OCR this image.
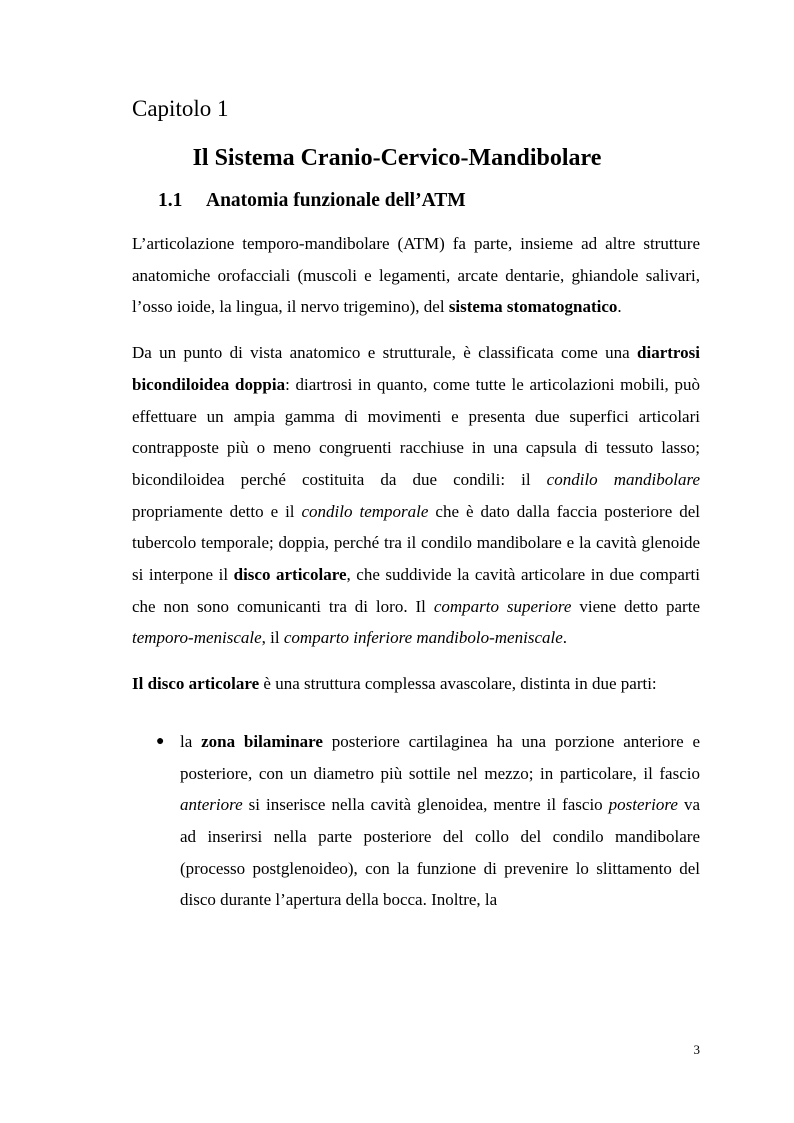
Capitolo 1
Il Sistema Cranio-Cervico-Mandibolare
1.1 Anatomia funzionale dell’ATM

L’articolazione temporo-mandibolare (ATM) fa parte, insieme ad altre strutture anatomiche orofacciali (muscoli e legamenti, arcate dentarie, ghiandole salivari, l’osso ioide, la lingua, il nervo trigemino), del sistema stomatognatico.

Da un punto di vista anatomico e strutturale, è classificata come una diartrosi bicondiloidea doppia: diartrosi in quanto, come tutte le articolazioni mobili, può effettuare un ampia gamma di movimenti e presenta due superfici articolari contrapposte più o meno congruenti racchiuse in una capsula di tessuto lasso; bicondiloidea perché costituita da due condili: il condilo mandibolare propriamente detto e il condilo temporale che è dato dalla faccia posteriore del tubercolo temporale; doppia, perché tra il condilo mandibolare e la cavità glenoide si interpone il disco articolare, che suddivide la cavità articolare in due comparti che non sono comunicanti tra di loro. Il comparto superiore viene detto parte temporo-meniscale, il comparto inferiore mandibolo-meniscale.

Il disco articolare è una struttura complessa avascolare, distinta in due parti:

● la zona bilaminare posteriore cartilaginea ha una porzione anteriore e posteriore, con un diametro più sottile nel mezzo; in particolare, il fascio anteriore si inserisce nella cavità glenoidea, mentre il fascio posteriore va ad inserirsi nella parte posteriore del collo del condilo mandibolare (processo postglenoideo), con la funzione di prevenire lo slittamento del disco durante l’apertura della bocca. Inoltre, la
3
